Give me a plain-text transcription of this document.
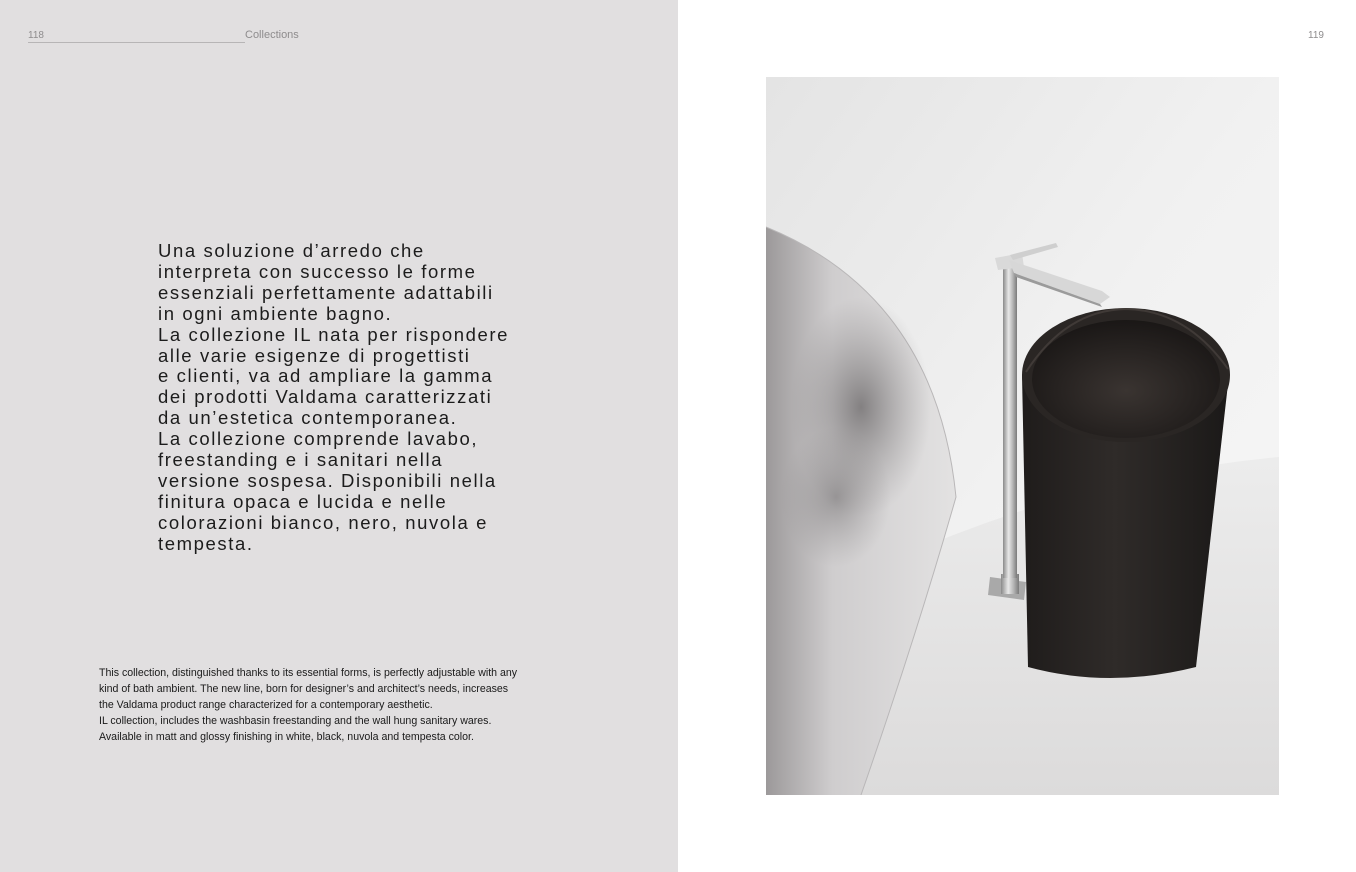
118	Collections
Una soluzione d’arredo che
interpreta con successo le forme
essenziali perfettamente adattabili
in ogni ambiente bagno.
La collezione IL nata per rispondere
alle varie esigenze di progettisti
e clienti, va ad ampliare la gamma
dei prodotti Valdama caratterizzati
da un’estetica contemporanea.
La collezione comprende lavabo,
freestanding e i sanitari nella
versione sospesa. Disponibili nella
finitura opaca e lucida e nelle
colorazioni bianco, nero, nuvola e
tempesta.
This collection, distinguished thanks to its essential forms, is perfectly adjustable with any
kind of bath ambient. The new line, born for designer’s and architect’s needs, increases
the Valdama product range characterized for a contemporary aesthetic.
IL collection, includes the washbasin freestanding and the wall hung sanitary wares.
Available in matt and glossy finishing in white, black, nuvola and tempesta color.
119
